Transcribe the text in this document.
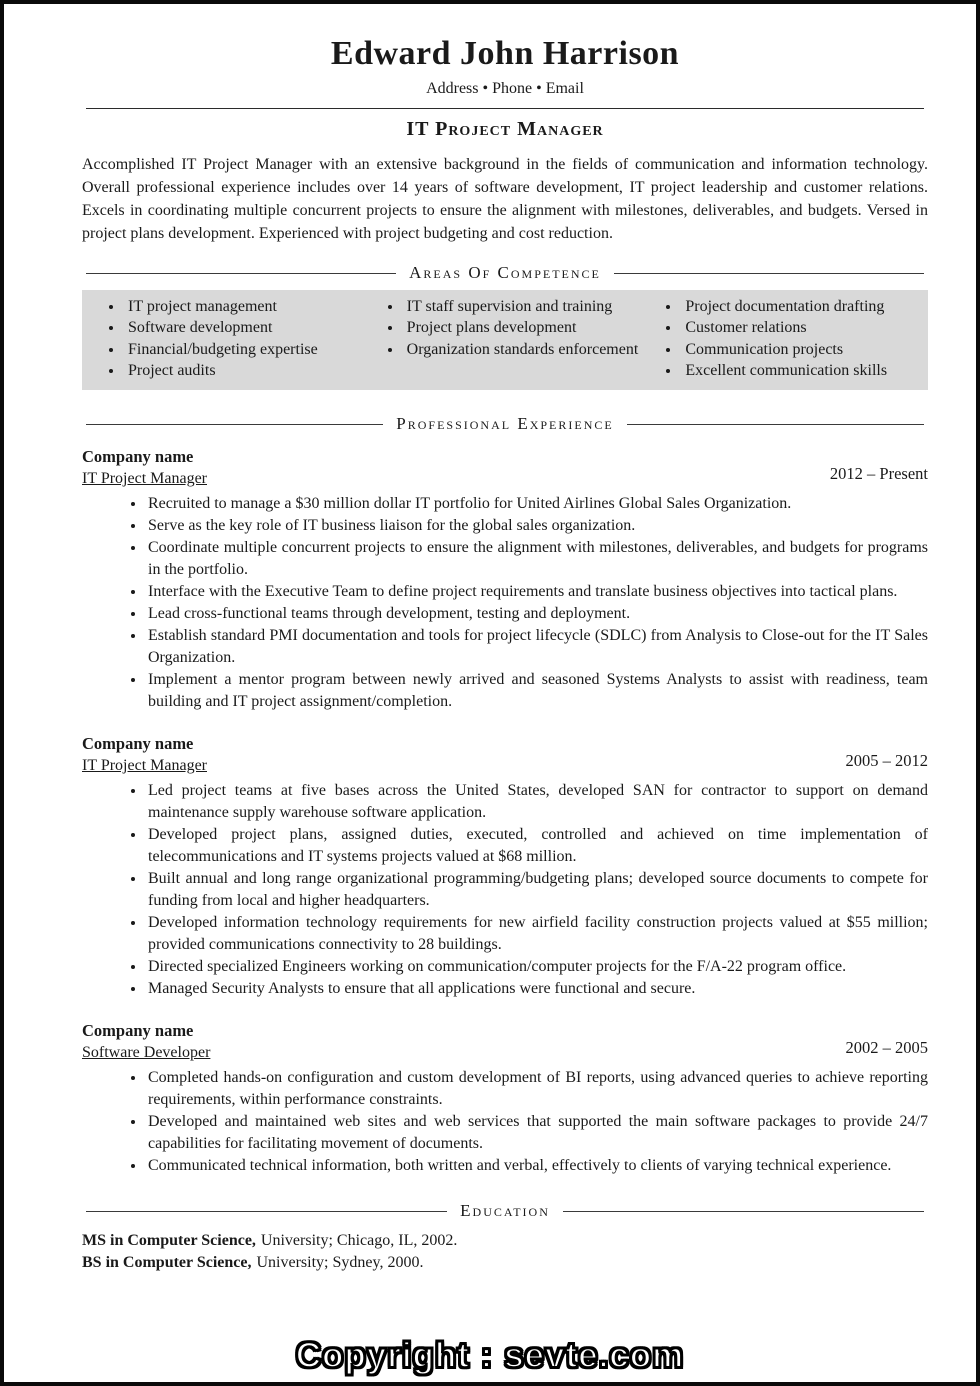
Edward John Harrison
Address • Phone • Email
IT Project Manager

Accomplished IT Project Manager with an extensive background in the fields of communication and information technology. Overall professional experience includes over 14 years of software development, IT project leadership and customer relations. Excels in coordinating multiple concurrent projects to ensure the alignment with milestones, deliverables, and budgets. Versed in project plans development. Experienced with project budgeting and cost reduction.

Areas Of Competence
• IT project management
• Software development
• Financial/budgeting expertise
• Project audits
• IT staff supervision and training
• Project plans development
• Organization standards enforcement
• Project documentation drafting
• Customer relations
• Communication projects
• Excellent communication skills
Professional Experience
Company name
IT Project Manager	2012 – Present
• Recruited to manage a $30 million dollar IT portfolio for United Airlines Global Sales Organization.
• Serve as the key role of IT business liaison for the global sales organization.
• Coordinate multiple concurrent projects to ensure the alignment with milestones, deliverables, and budgets for programs in the portfolio.
• Interface with the Executive Team to define project requirements and translate business objectives into tactical plans.
• Lead cross-functional teams through development, testing and deployment.
• Establish standard PMI documentation and tools for project lifecycle (SDLC) from Analysis to Close-out for the IT Sales Organization.
• Implement a mentor program between newly arrived and seasoned Systems Analysts to assist with readiness, team building and IT project assignment/completion.
Company name
IT Project Manager	2005 – 2012
• Led project teams at five bases across the United States, developed SAN for contractor to support on demand maintenance supply warehouse software application.
• Developed project plans, assigned duties, executed, controlled and achieved on time implementation of telecommunications and IT systems projects valued at $68 million.
• Built annual and long range organizational programming/budgeting plans; developed source documents to compete for funding from local and higher headquarters.
• Developed information technology requirements for new airfield facility construction projects valued at $55 million; provided communications connectivity to 28 buildings.
• Directed specialized Engineers working on communication/computer projects for the F/A-22 program office.
• Managed Security Analysts to ensure that all applications were functional and secure.
Company name
Software Developer	2002 – 2005
• Completed hands-on configuration and custom development of BI reports, using advanced queries to achieve reporting requirements, within performance constraints.
• Developed and maintained web sites and web services that supported the main software packages to provide 24/7 capabilities for facilitating movement of documents.
• Communicated technical information, both written and verbal, effectively to clients of varying technical experience.
Education
MS in Computer Science, University; Chicago, IL, 2002.
BS in Computer Science, University; Sydney, 2000.
Copyright : sevte.com
